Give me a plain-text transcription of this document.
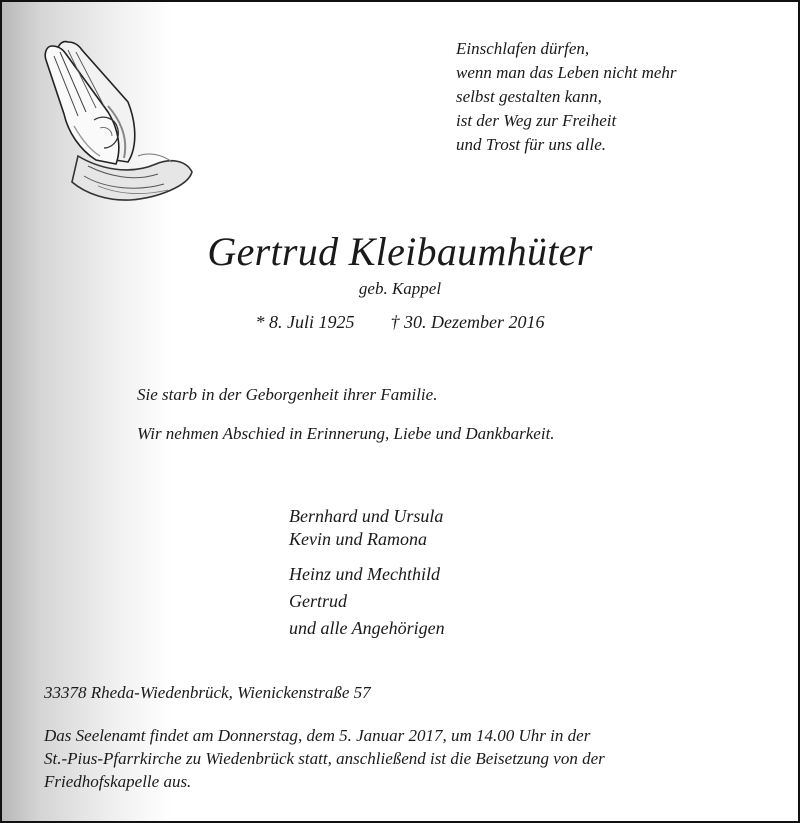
Einschlafen dürfen,
wenn man das Leben nicht mehr
selbst gestalten kann,
ist der Weg zur Freiheit
und Trost für uns alle.
Gertrud Kleibaumhüter
geb. Kappel
* 8. Juli 1925 † 30. Dezember 2016
Sie starb in der Geborgenheit ihrer Familie.
Wir nehmen Abschied in Erinnerung, Liebe und Dankbarkeit.
Bernhard und Ursula
Kevin und Ramona
Heinz und Mechthild
Gertrud
und alle Angehörigen
33378 Rheda-Wiedenbrück, Wienickenstraße 57
Das Seelenamt findet am Donnerstag, dem 5. Januar 2017, um 14.00 Uhr in der
St.-Pius-Pfarrkirche zu Wiedenbrück statt, anschließend ist die Beisetzung von der
Friedhofskapelle aus.
